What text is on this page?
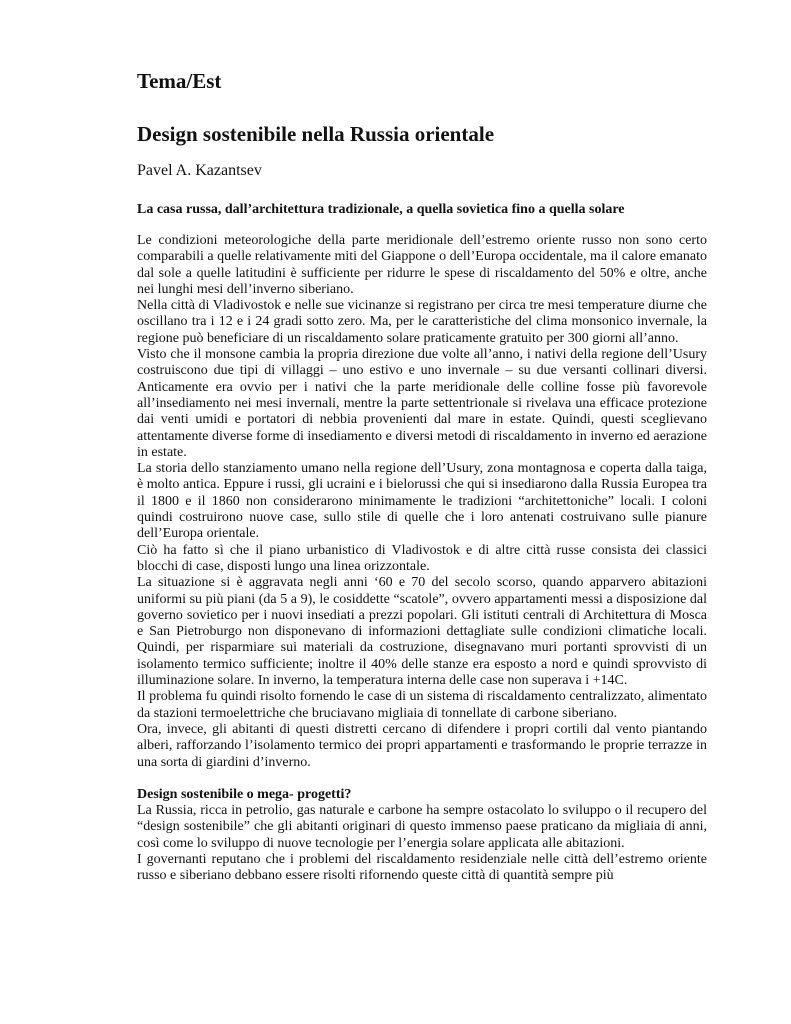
Tema/Est
Design sostenibile nella Russia orientale

Pavel A. Kazantsev

La casa russa, dall’architettura tradizionale, a quella sovietica fino a quella solare

Le condizioni meteorologiche della parte meridionale dell’estremo oriente russo non sono certo comparabili a quelle relativamente miti del Giappone o dell’Europa occidentale, ma il calore emanato dal sole a quelle latitudini è sufficiente per ridurre le spese di riscaldamento del 50% e oltre, anche nei lunghi mesi dell’inverno siberiano.

Nella città di Vladivostok e nelle sue vicinanze si registrano per circa tre mesi temperature diurne che oscillano tra i 12 e i 24 gradi sotto zero. Ma, per le caratteristiche del clima monsonico invernale, la regione può beneficiare di un riscaldamento solare praticamente gratuito per 300 giorni all’anno.

Visto che il monsone cambia la propria direzione due volte all’anno, i nativi della regione dell’Usury costruiscono due tipi di villaggi – uno estivo e uno invernale – su due versanti collinari diversi. Anticamente era ovvio per i nativi che la parte meridionale delle colline fosse più favorevole all’insediamento nei mesi invernali, mentre la parte settentrionale si rivelava una efficace protezione dai venti umidi e portatori di nebbia provenienti dal mare in estate. Quindi, questi sceglievano attentamente diverse forme di insediamento e diversi metodi di riscaldamento in inverno ed aerazione in estate.

La storia dello stanziamento umano nella regione dell’Usury, zona montagnosa e coperta dalla taiga, è molto antica. Eppure i russi, gli ucraini e i bielorussi che qui si insediarono dalla Russia Europea tra il 1800 e il 1860 non considerarono minimamente le tradizioni “architettoniche” locali. I coloni quindi costruirono nuove case, sullo stile di quelle che i loro antenati costruivano sulle pianure dell’Europa orientale.

Ciò ha fatto sì che il piano urbanistico di Vladivostok e di altre città russe consista dei classici blocchi di case, disposti lungo una linea orizzontale.

La situazione si è aggravata negli anni ‘60 e 70 del secolo scorso, quando apparvero abitazioni uniformi su più piani (da 5 a 9), le cosiddette “scatole”, ovvero appartamenti messi a disposizione dal governo sovietico per i nuovi insediati a prezzi popolari. Gli istituti centrali di Architettura di Mosca e San Pietroburgo non disponevano di informazioni dettagliate sulle condizioni climatiche locali. Quindi, per risparmiare sui materiali da costruzione, disegnavano muri portanti sprovvisti di un isolamento termico sufficiente; inoltre il 40% delle stanze era esposto a nord e quindi sprovvisto di illuminazione solare. In inverno, la temperatura interna delle case non superava i +14C.

Il problema fu quindi risolto fornendo le case di un sistema di riscaldamento centralizzato, alimentato da stazioni termoelettriche che bruciavano migliaia di tonnellate di carbone siberiano.

Ora, invece, gli abitanti di questi distretti cercano di difendere i propri cortili dal vento piantando alberi, rafforzando l’isolamento termico dei propri appartamenti e trasformando le proprie terrazze in una sorta di giardini d’inverno.

Design sostenibile o mega- progetti?

La Russia, ricca in petrolio, gas naturale e carbone ha sempre ostacolato lo sviluppo o il recupero del “design sostenibile” che gli abitanti originari di questo immenso paese praticano da migliaia di anni, così come lo sviluppo di nuove tecnologie per l’energia solare applicata alle abitazioni.

I governanti reputano che i problemi del riscaldamento residenziale nelle città dell’estremo oriente russo e siberiano debbano essere risolti rifornendo queste città di quantità sempre più
